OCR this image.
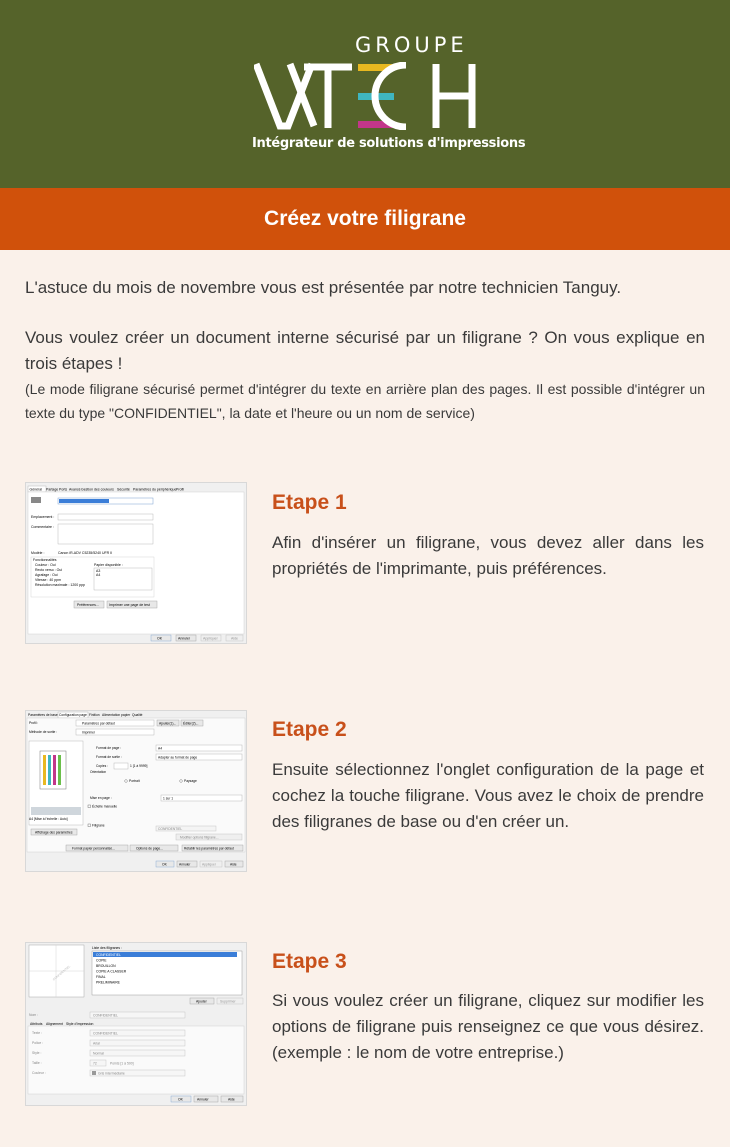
GROUPE
Intégrateur de solutions d'impressions
Créez votre filigrane
L'astuce du mois de novembre vous est présentée par notre technicien Tanguy.
Vous voulez créer un document interne sécurisé par un filigrane ? On vous explique en trois étapes !
(Le mode filigrane sécurisé permet d'intégrer du texte en arrière plan des pages. Il est possible d'intégrer un texte du type "CONFIDENTIEL", la date et l'heure ou un nom de service)
Général Partage Ports Avancé Gestion des couleurs Sécurité Paramètres du périphérique Profil
Emplacement :
Commentaire :
Modèle :	Canon iR-ADV C5235/5240 UFR II
Fonctionnalités
Couleur : Oui
Recto verso : Oui
Agrafage : Oui
Vitesse : 40 ppm
Résolution maximale : 1200 ppp
Papier disponible :
A3
A4
Préférences...	Imprimer une page de test
OK	Annuler	Appliquer	Aide
Etape 1
Afin d'insérer un filigrane, vous devez aller dans les propriétés de l'imprimante, puis préférences.
Paramètres de base Configuration page Finition Alimentation papier Qualité
Profil :	Paramètres par défaut	Ajouter(1)... Éditer(2)...
Méthode de sortie :	Imprimer
A4 [Mise à l'échelle : Auto]
Affichage des paramètres
Format de page :	A4
Format de sortie :	Adapter au format de page
Copies :	1 [1 à 9999]
Orientation
Portrait	Paysage
Mise en page :	1 sur 1
Échelle manuelle
Filigrane
CONFIDENTIEL
Modifier options filigrane...
Format papier personnalisé...	Options de page...	Rétablir les paramètres par défaut
OK	Annuler	Appliquer	Aide
Etape 2
Ensuite sélectionnez l'onglet configuration de la page et cochez la touche filigrane. Vous avez le choix de prendre des filigranes de base ou d'en créer un.
CONFIDENTIEL
Liste des filigranes :
CONFIDENTIEL
COPIE
BROUILLON
COPIE A CLASSER
FINAL
PRELIMINAIRE
Ajouter	Supprimer
Nom :	CONFIDENTIEL
Attributs Alignement Style d'impression
Texte :	CONFIDENTIEL
Police :	Arial
Style :	Normal
Taille :	72	Points [1 à 500]
Couleur :	Gris intermédiaire
OK	Annuler	Aide
Etape 3
Si vous voulez créer un filigrane, cliquez sur modifier les options de filigrane puis renseignez ce que vous désirez. (exemple : le nom de votre entreprise.)
